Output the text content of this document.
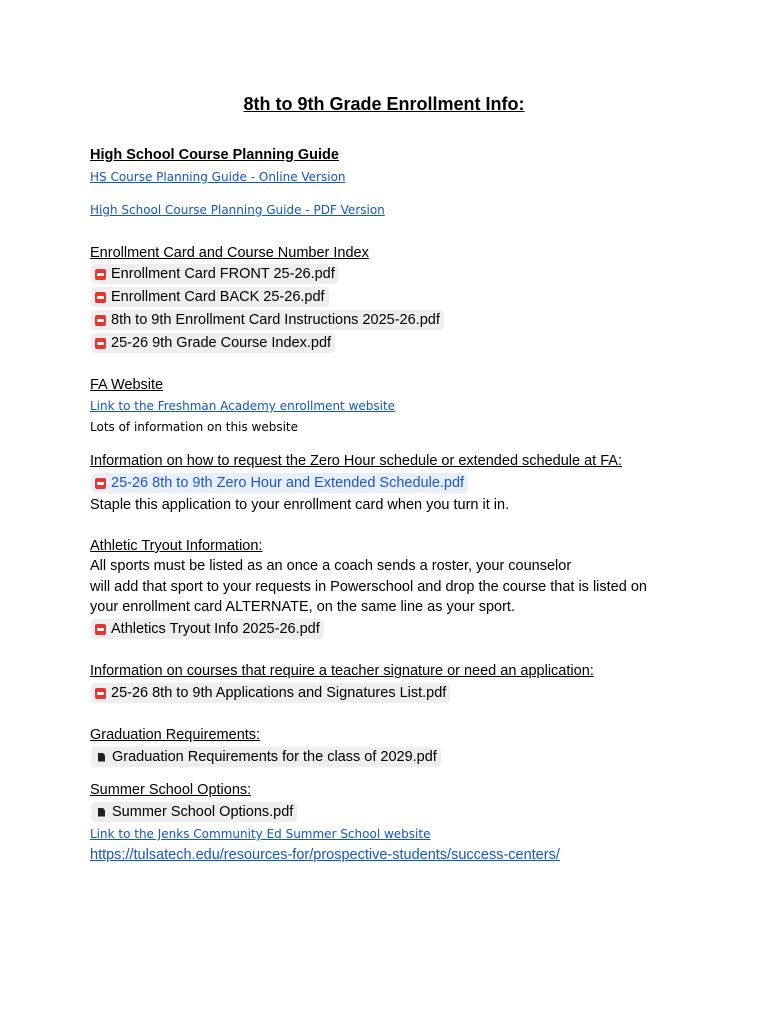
8th to 9th Grade Enrollment Info:
High School Course Planning Guide
HS Course Planning Guide - Online Version
High School Course Planning Guide - PDF Version
Enrollment Card and Course Number Index
Enrollment Card FRONT 25-26.pdf
Enrollment Card BACK 25-26.pdf
8th to 9th Enrollment Card Instructions 2025-26.pdf
25-26 9th Grade Course Index.pdf
FA Website
Link to the Freshman Academy enrollment website
Lots of information on this website
Information on how to request the Zero Hour schedule or extended schedule at FA:
25-26 8th to 9th Zero Hour and Extended Schedule.pdf
Staple this application to your enrollment card when you turn it in.
Athletic Tryout Information:
All sports must be listed as an once a coach sends a roster, your counselor
will add that sport to your requests in Powerschool and drop the course that is listed on
your enrollment card ALTERNATE, on the same line as your sport.
Athletics Tryout Info 2025-26.pdf
Information on courses that require a teacher signature or need an application:
25-26 8th to 9th Applications and Signatures List.pdf
Graduation Requirements:
Graduation Requirements for the class of 2029.pdf
Summer School Options:
Summer School Options.pdf
Link to the Jenks Community Ed Summer School website
https://tulsatech.edu/resources-for/prospective-students/success-centers/
